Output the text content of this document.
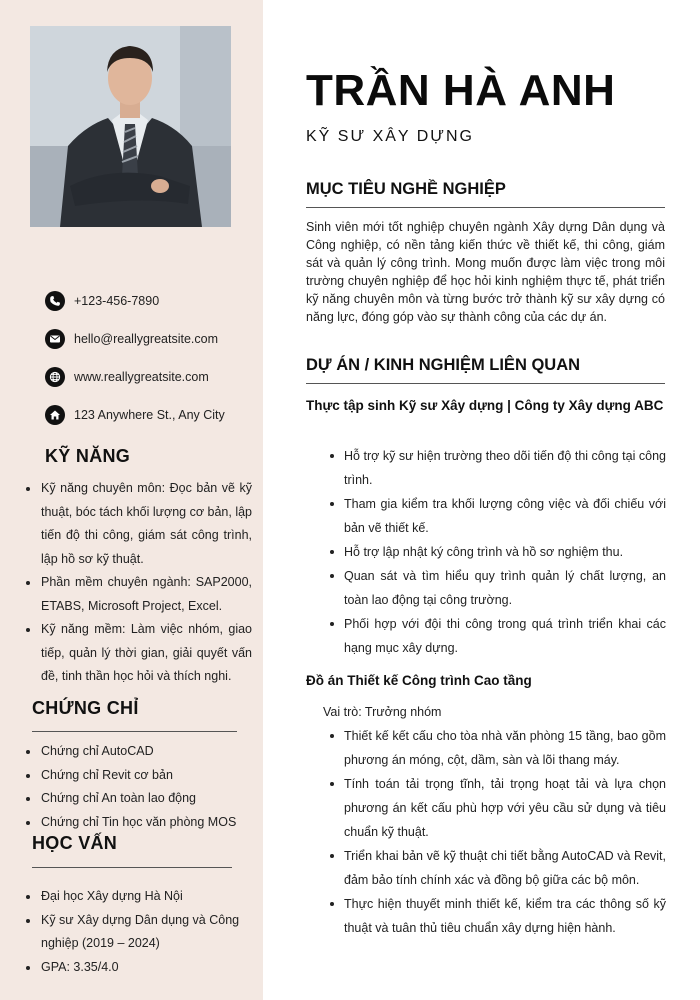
+123-456-7890
hello@reallygreatsite.com
www.reallygreatsite.com
123 Anywhere St., Any City
KỸ NĂNG
Kỹ năng chuyên môn: Đọc bản vẽ kỹ thuật, bóc tách khối lượng cơ bản, lập tiến độ thi công, giám sát công trình, lập hồ sơ kỹ thuật.
Phần mềm chuyên ngành: SAP2000, ETABS, Microsoft Project, Excel.
Kỹ năng mềm: Làm việc nhóm, giao tiếp, quản lý thời gian, giải quyết vấn đề, tinh thần học hỏi và thích nghi.
CHỨNG CHỈ
Chứng chỉ AutoCAD
Chứng chỉ Revit cơ bản
Chứng chỉ An toàn lao động
Chứng chỉ Tin học văn phòng MOS
HỌC VẤN
Đại học Xây dựng Hà Nội
Kỹ sư Xây dựng Dân dụng và Công nghiệp (2019 – 2024)
GPA: 3.35/4.0
TRẦN HÀ ANH
KỸ SƯ XÂY DỰNG
MỤC TIÊU NGHỀ NGHIỆP
Sinh viên mới tốt nghiệp chuyên ngành Xây dựng Dân dụng và Công nghiệp, có nền tảng kiến thức về thiết kế, thi công, giám sát và quản lý công trình. Mong muốn được làm việc trong môi trường chuyên nghiệp để học hỏi kinh nghiệm thực tế, phát triển kỹ năng chuyên môn và từng bước trở thành kỹ sư xây dựng có năng lực, đóng góp vào sự thành công của các dự án.
DỰ ÁN / KINH NGHIỆM LIÊN QUAN
Thực tập sinh Kỹ sư Xây dựng | Công ty Xây dựng ABC
Hỗ trợ kỹ sư hiện trường theo dõi tiến độ thi công tại công trình.
Tham gia kiểm tra khối lượng công việc và đối chiếu với bản vẽ thiết kế.
Hỗ trợ lập nhật ký công trình và hồ sơ nghiệm thu.
Quan sát và tìm hiểu quy trình quản lý chất lượng, an toàn lao động tại công trường.
Phối hợp với đội thi công trong quá trình triển khai các hạng mục xây dựng.
Đồ án Thiết kế Công trình Cao tầng
Vai trò: Trưởng nhóm
Thiết kế kết cấu cho tòa nhà văn phòng 15 tầng, bao gồm phương án móng, cột, dầm, sàn và lõi thang máy.
Tính toán tải trọng tĩnh, tải trọng hoạt tải và lựa chọn phương án kết cấu phù hợp với yêu cầu sử dụng và tiêu chuẩn kỹ thuật.
Triển khai bản vẽ kỹ thuật chi tiết bằng AutoCAD và Revit, đảm bảo tính chính xác và đồng bộ giữa các bộ môn.
Thực hiện thuyết minh thiết kế, kiểm tra các thông số kỹ thuật và tuân thủ tiêu chuẩn xây dựng hiện hành.
